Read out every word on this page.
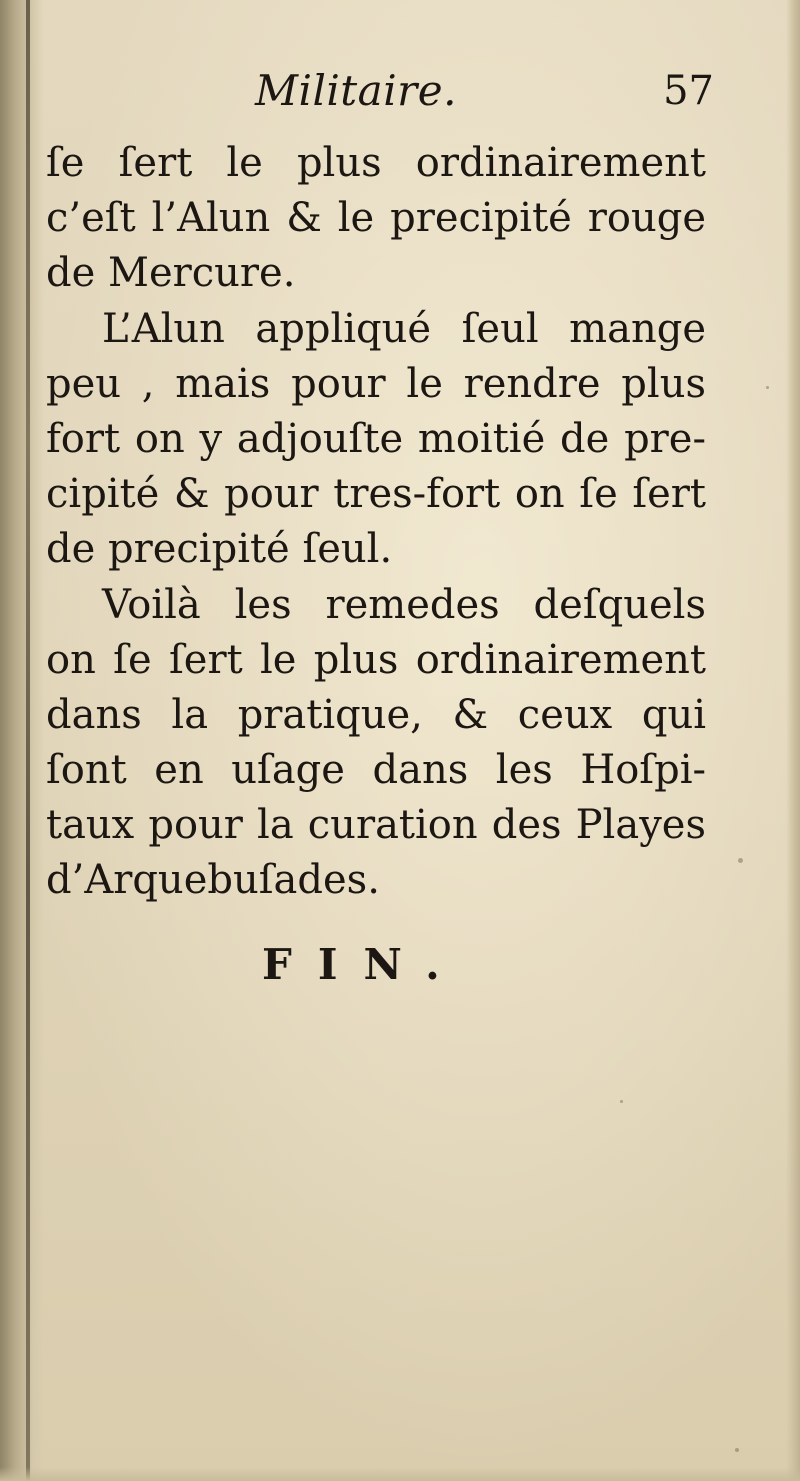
Militaire.	57
ſe ſert le plus ordinairement
c’eſt l’Alun & le precipité rouge
de Mercure.
L’Alun appliqué ſeul mange
peu , mais pour le rendre plus
fort on y adjouſte moitié de pre-
cipité & pour tres-fort on ſe ſert
de precipité ſeul.
Voilà les remedes deſquels
on ſe ſert le plus ordinairement
dans la pratique, & ceux qui
ſont en uſage dans les Hoſpi-
taux pour la curation des Playes
d’Arquebuſades.
FIN.
